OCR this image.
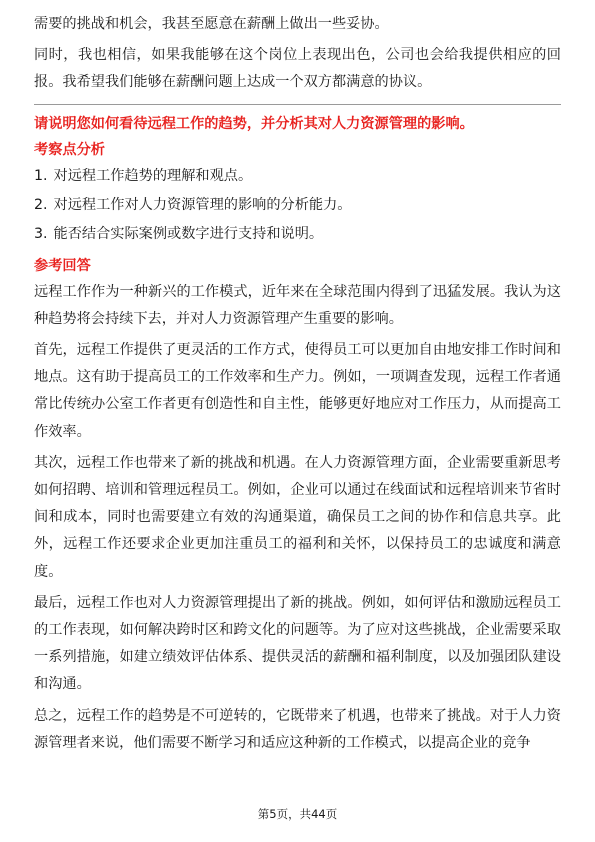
需要的挑战和机会，我甚至愿意在薪酬上做出一些妥协。

同时，我也相信，如果我能够在这个岗位上表现出色，公司也会给我提供相应的回报。我希望我们能够在薪酬问题上达成一个双方都满意的协议。

请说明您如何看待远程工作的趋势，并分析其对人力资源管理的影响。

考察点分析

1. 对远程工作趋势的理解和观点。
2. 对远程工作对人力资源管理的影响的分析能力。
3. 能否结合实际案例或数字进行支持和说明。

参考回答

远程工作作为一种新兴的工作模式，近年来在全球范围内得到了迅猛发展。我认为这种趋势将会持续下去，并对人力资源管理产生重要的影响。

首先，远程工作提供了更灵活的工作方式，使得员工可以更加自由地安排工作时间和地点。这有助于提高员工的工作效率和生产力。例如，一项调查发现，远程工作者通常比传统办公室工作者更有创造性和自主性，能够更好地应对工作压力，从而提高工作效率。

其次，远程工作也带来了新的挑战和机遇。在人力资源管理方面，企业需要重新思考如何招聘、培训和管理远程员工。例如，企业可以通过在线面试和远程培训来节省时间和成本，同时也需要建立有效的沟通渠道，确保员工之间的协作和信息共享。此外，远程工作还要求企业更加注重员工的福利和关怀，以保持员工的忠诚度和满意度。

最后，远程工作也对人力资源管理提出了新的挑战。例如，如何评估和激励远程员工的工作表现，如何解决跨时区和跨文化的问题等。为了应对这些挑战，企业需要采取一系列措施，如建立绩效评估体系、提供灵活的薪酬和福利制度，以及加强团队建设和沟通。

总之，远程工作的趋势是不可逆转的，它既带来了机遇，也带来了挑战。对于人力资源管理者来说，他们需要不断学习和适应这种新的工作模式，以提高企业的竞争

第5页，共44页
